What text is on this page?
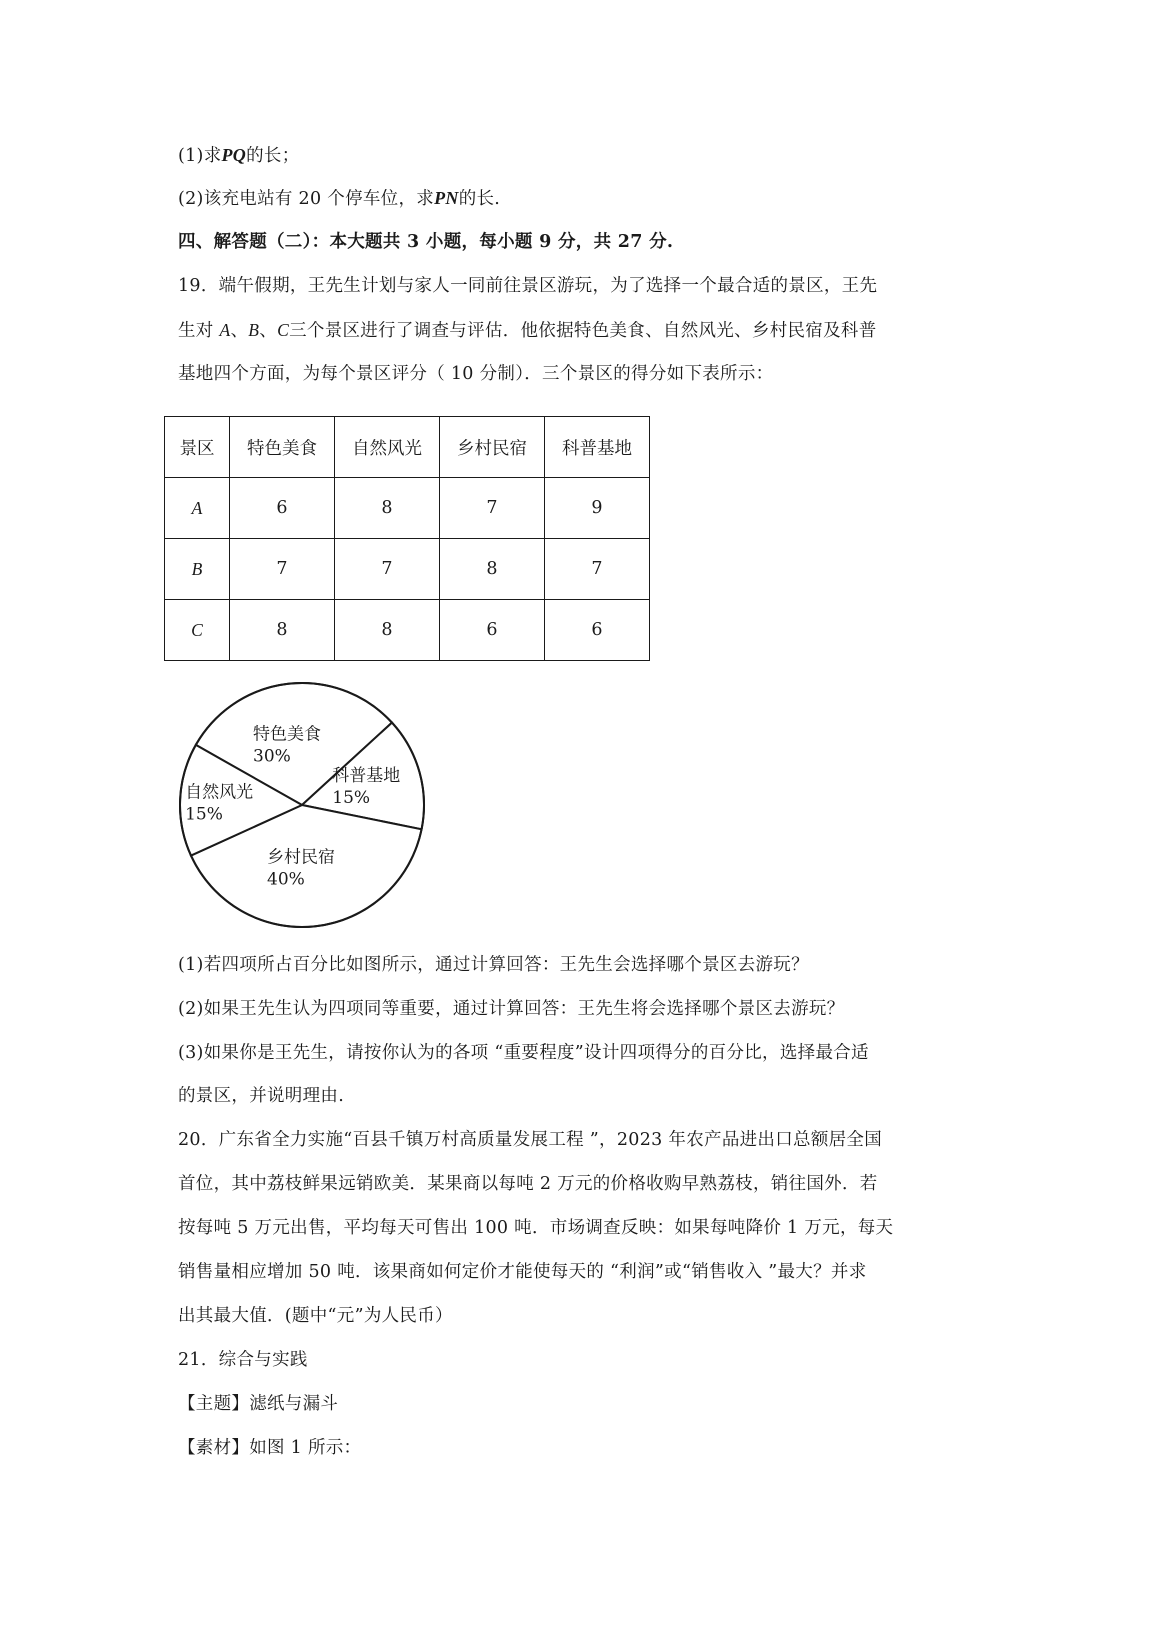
(1)求PQ的长；
(2)该充电站有 20 个停车位，求PN的长.
四、解答题（二）：本大题共 3 小题，每小题 9 分，共 27 分.
19．端午假期，王先生计划与家人一同前往景区游玩，为了选择一个最合适的景区，王先
生对 A、B、C三个景区进行了调查与评估．他依据特色美食、自然风光、乡村民宿及科普
基地四个方面，为每个景区评分（ 10 分制）．三个景区的得分如下表所示：
景区	特色美食	自然风光	乡村民宿	科普基地
A	6	8	7	9
B	7	7	8	7
C	8	8	6	6
特色美食
30%
科普基地
15%
乡村民宿
40%
自然风光
15%
(1)若四项所占百分比如图所示，通过计算回答：王先生会选择哪个景区去游玩？
(2)如果王先生认为四项同等重要，通过计算回答：王先生将会选择哪个景区去游玩？
(3)如果你是王先生，请按你认为的各项 “重要程度”设计四项得分的百分比，选择最合适
的景区，并说明理由.
20．广东省全力实施“百县千镇万村高质量发展工程 ”，2023 年农产品进出口总额居全国
首位，其中荔枝鲜果远销欧美．某果商以每吨 2 万元的价格收购早熟荔枝，销往国外．若
按每吨 5 万元出售，平均每天可售出 100 吨．市场调查反映：如果每吨降价 1 万元，每天
销售量相应增加 50 吨．该果商如何定价才能使每天的 “利润”或“销售收入 ”最大？并求
出其最大值．(题中“元”为人民币）
21．综合与实践
【主题】滤纸与漏斗
【素材】如图 1 所示：
